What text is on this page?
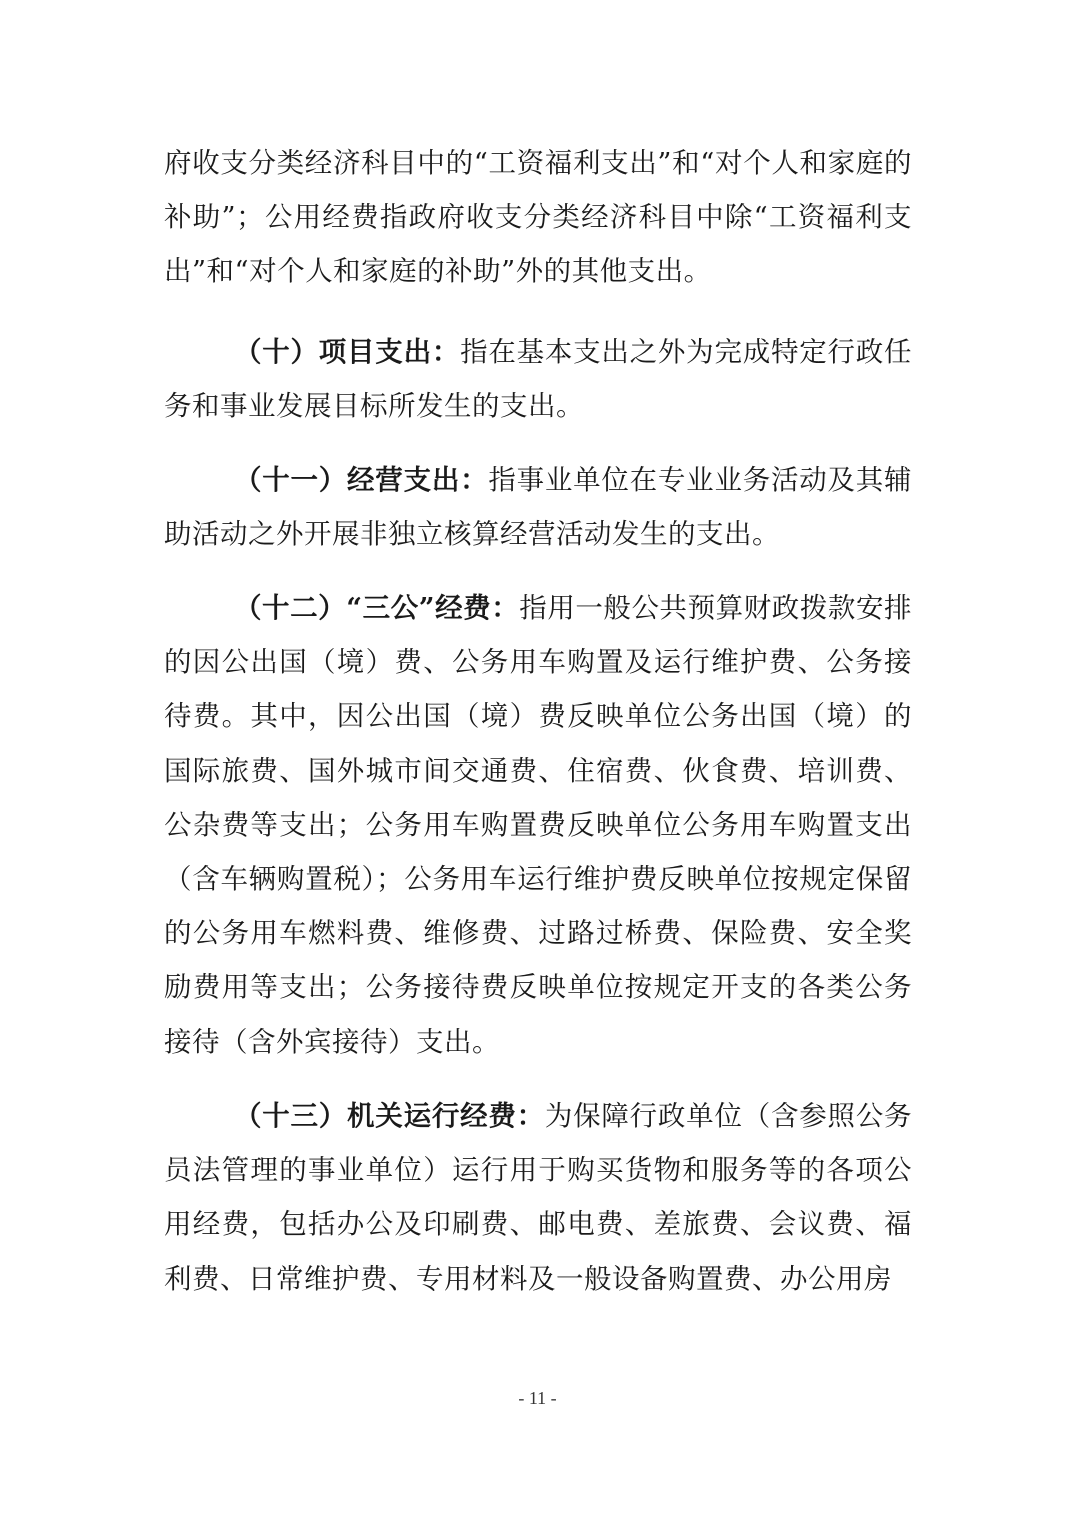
府收支分类经济科目中的“工资福利支出”和“对个人和家庭的补助”；公用经费指政府收支分类经济科目中除“工资福利支出”和“对个人和家庭的补助”外的其他支出。

（十）项目支出：指在基本支出之外为完成特定行政任务和事业发展目标所发生的支出。

（十一）经营支出：指事业单位在专业业务活动及其辅助活动之外开展非独立核算经营活动发生的支出。

（十二）“三公”经费：指用一般公共预算财政拨款安排的因公出国（境）费、公务用车购置及运行维护费、公务接待费。其中，因公出国（境）费反映单位公务出国（境）的国际旅费、国外城市间交通费、住宿费、伙食费、培训费、公杂费等支出；公务用车购置费反映单位公务用车购置支出（含车辆购置税）；公务用车运行维护费反映单位按规定保留的公务用车燃料费、维修费、过路过桥费、保险费、安全奖励费用等支出；公务接待费反映单位按规定开支的各类公务接待（含外宾接待）支出。

（十三）机关运行经费：为保障行政单位（含参照公务员法管理的事业单位）运行用于购买货物和服务等的各项公用经费，包括办公及印刷费、邮电费、差旅费、会议费、福利费、日常维护费、专用材料及一般设备购置费、办公用房

- 11 -
